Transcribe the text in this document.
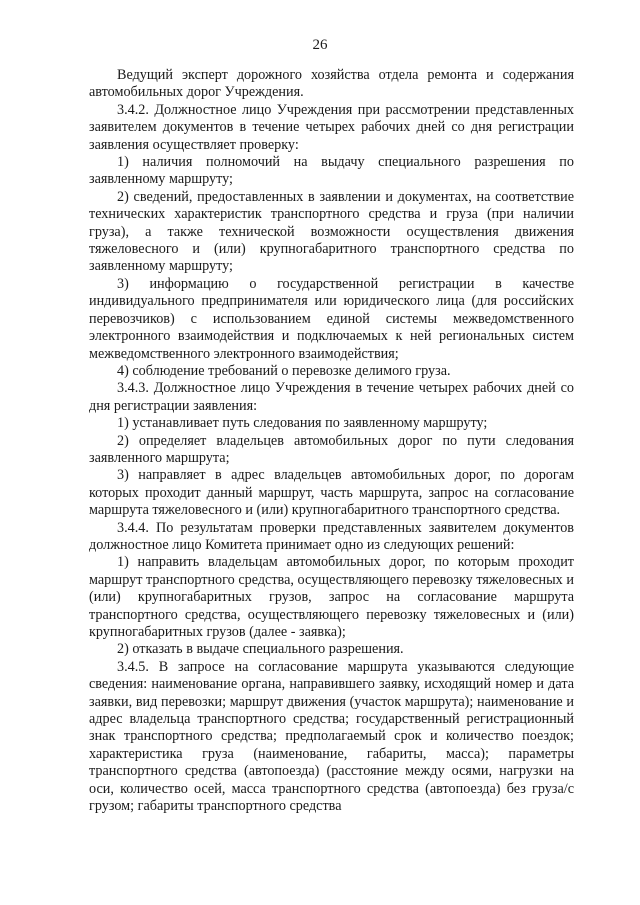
26

Ведущий эксперт дорожного хозяйства отдела ремонта и содержания автомобильных дорог Учреждения.

3.4.2. Должностное лицо Учреждения при рассмотрении представленных заявителем документов в течение четырех рабочих дней со дня регистрации заявления осуществляет проверку:

1) наличия полномочий на выдачу специального разрешения по заявленному маршруту;

2) сведений, предоставленных в заявлении и документах, на соответствие технических характеристик транспортного средства и груза (при наличии груза), а также технической возможности осуществления движения тяжеловесного и (или) крупногабаритного транспортного средства по заявленному маршруту;

3) информацию о государственной регистрации в качестве индивидуального предпринимателя или юридического лица (для российских перевозчиков) с использованием единой системы межведомственного электронного взаимодействия и подключаемых к ней региональных систем межведомственного электронного взаимодействия;

4) соблюдение требований о перевозке делимого груза.

3.4.3. Должностное лицо Учреждения в течение четырех рабочих дней со дня регистрации заявления:

1) устанавливает путь следования по заявленному маршруту;

2) определяет владельцев автомобильных дорог по пути следования заявленного маршрута;

3) направляет в адрес владельцев автомобильных дорог, по дорогам которых проходит данный маршрут, часть маршрута, запрос на согласование маршрута тяжеловесного и (или) крупногабаритного транспортного средства.

3.4.4. По результатам проверки представленных заявителем документов должностное лицо Комитета принимает одно из следующих решений:

1) направить владельцам автомобильных дорог, по которым проходит маршрут транспортного средства, осуществляющего перевозку тяжеловесных и (или) крупногабаритных грузов, запрос на согласование маршрута транспортного средства, осуществляющего перевозку тяжеловесных и (или) крупногабаритных грузов (далее - заявка);

2) отказать в выдаче специального разрешения.

3.4.5. В запросе на согласование маршрута указываются следующие сведения: наименование органа, направившего заявку, исходящий номер и дата заявки, вид перевозки; маршрут движения (участок маршрута); наименование и адрес владельца транспортного средства; государственный регистрационный знак транспортного средства; предполагаемый срок и количество поездок; характеристика груза (наименование, габариты, масса); параметры транспортного средства (автопоезда) (расстояние между осями, нагрузки на оси, количество осей, масса транспортного средства (автопоезда) без груза/с грузом; габариты транспортного средства
